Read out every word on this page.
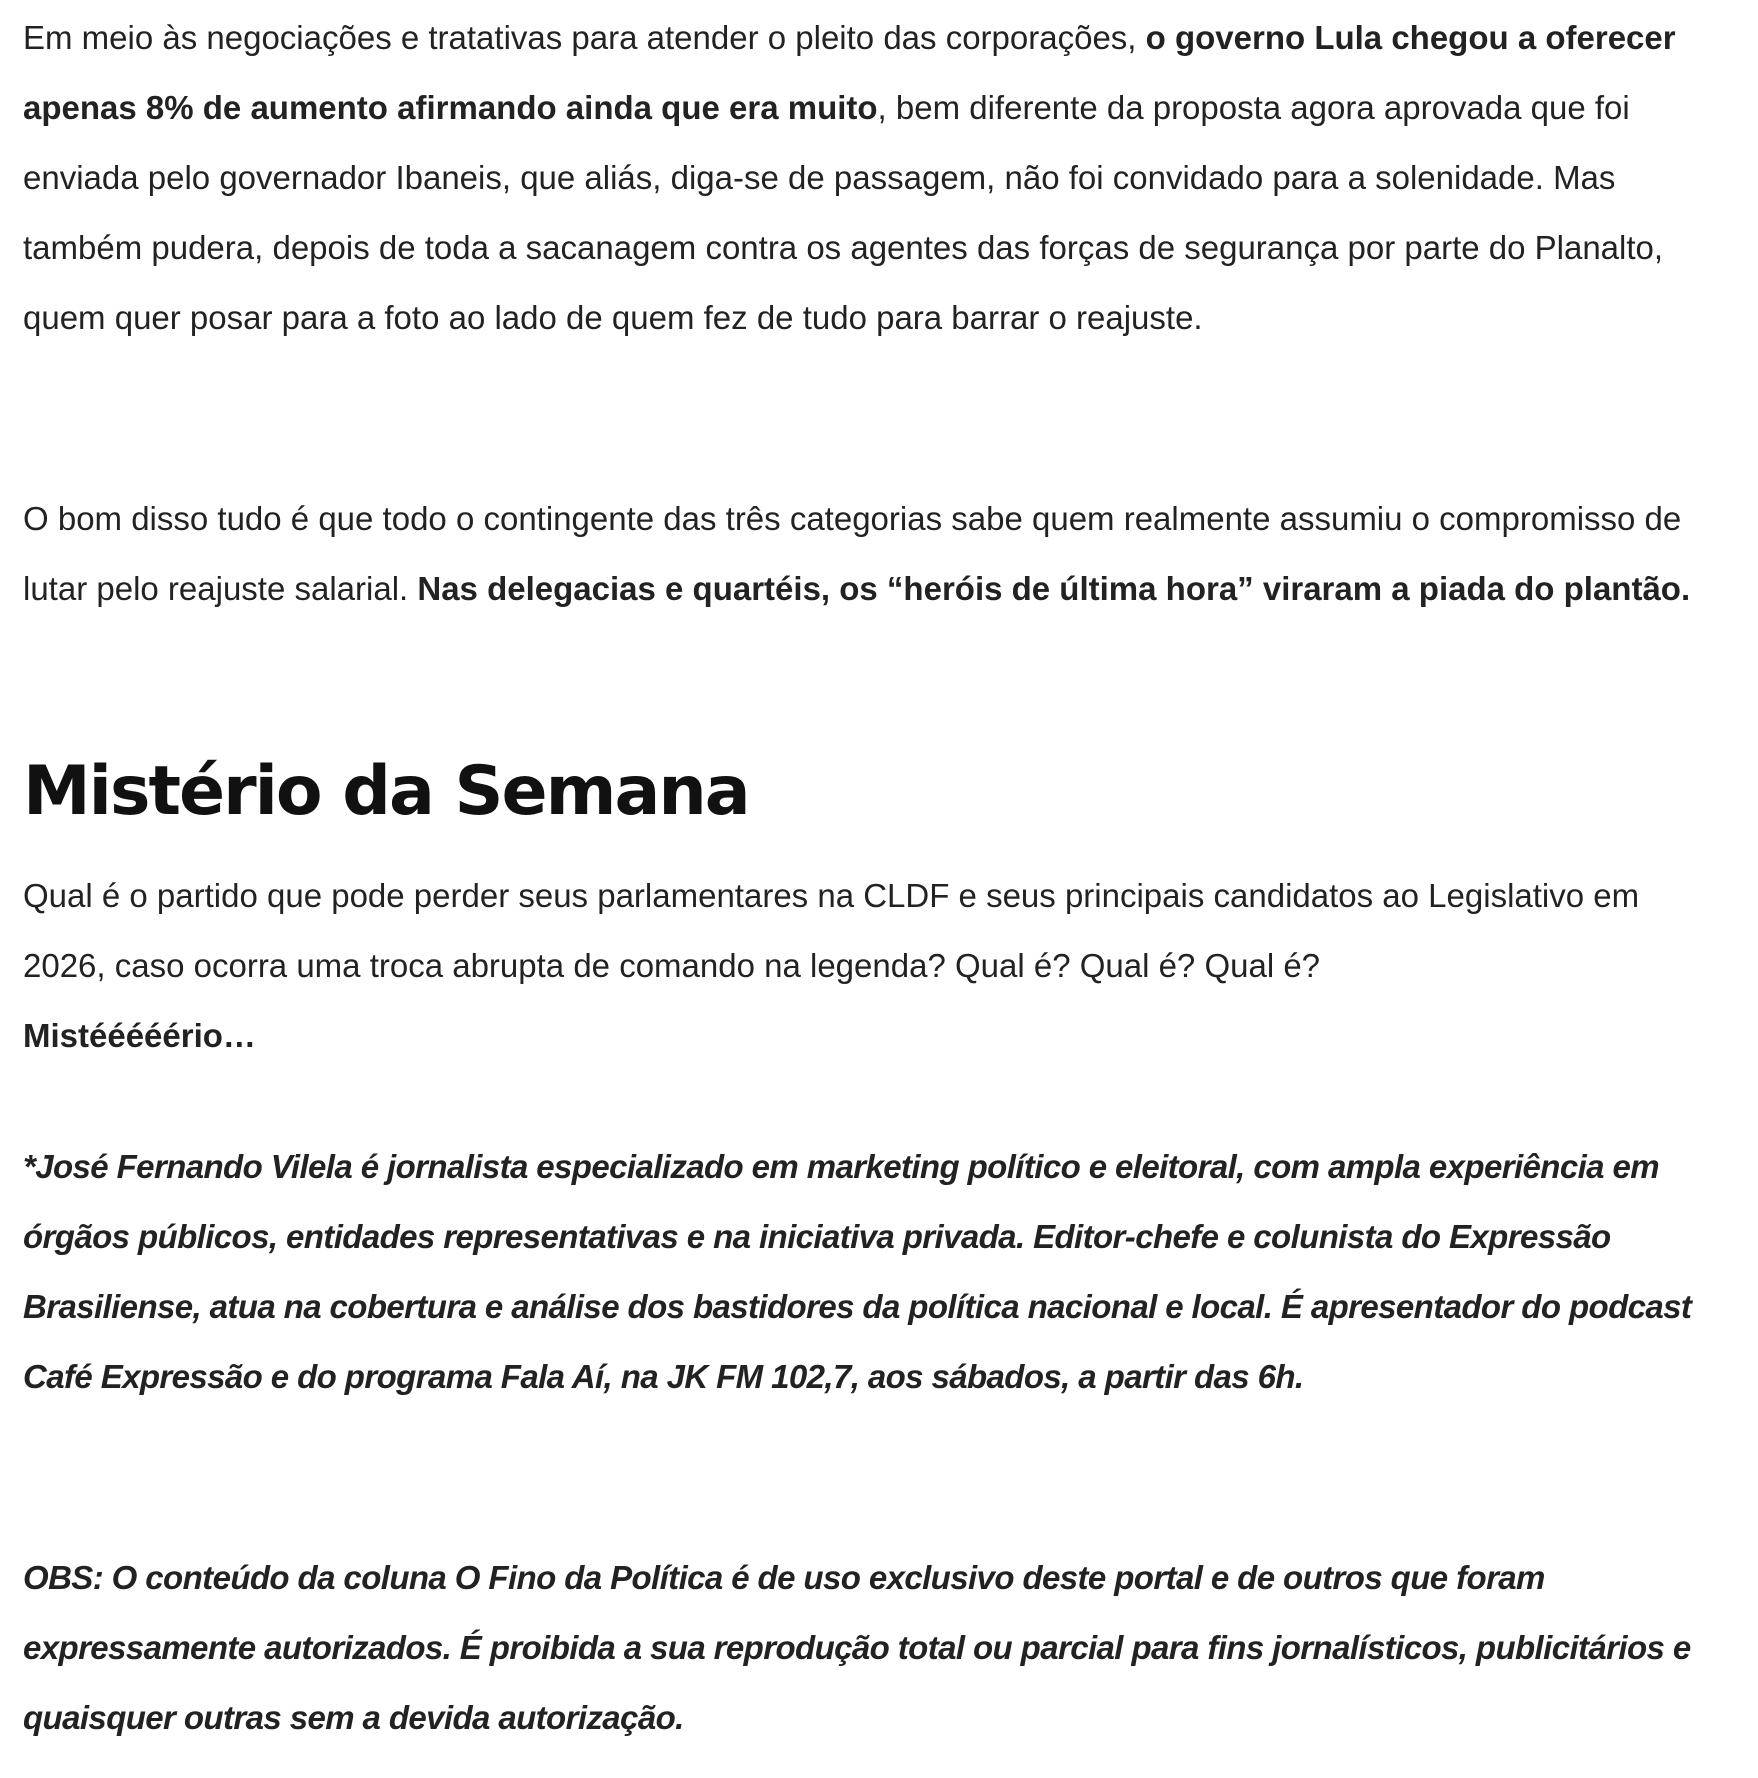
Em meio às negociações e tratativas para atender o pleito das corporações, o governo Lula chegou a oferecer apenas 8% de aumento afirmando ainda que era muito, bem diferente da proposta agora aprovada que foi enviada pelo governador Ibaneis, que aliás, diga-se de passagem, não foi convidado para a solenidade. Mas também pudera, depois de toda a sacanagem contra os agentes das forças de segurança por parte do Planalto, quem quer posar para a foto ao lado de quem fez de tudo para barrar o reajuste.

O bom disso tudo é que todo o contingente das três categorias sabe quem realmente assumiu o compromisso de lutar pelo reajuste salarial. Nas delegacias e quartéis, os “heróis de última hora” viraram a piada do plantão.

Mistério da Semana

Qual é o partido que pode perder seus parlamentares na CLDF e seus principais candidatos ao Legislativo em 2026, caso ocorra uma troca abrupta de comando na legenda? Qual é? Qual é? Qual é?
Mistééééério…

*José Fernando Vilela é jornalista especializado em marketing político e eleitoral, com ampla experiência em órgãos públicos, entidades representativas e na iniciativa privada. Editor-chefe e colunista do Expressão Brasiliense, atua na cobertura e análise dos bastidores da política nacional e local. É apresentador do podcast Café Expressão e do programa Fala Aí, na JK FM 102,7, aos sábados, a partir das 6h.

OBS: O conteúdo da coluna O Fino da Política é de uso exclusivo deste portal e de outros que foram expressamente autorizados. É proibida a sua reprodução total ou parcial para fins jornalísticos, publicitários e quaisquer outras sem a devida autorização.
